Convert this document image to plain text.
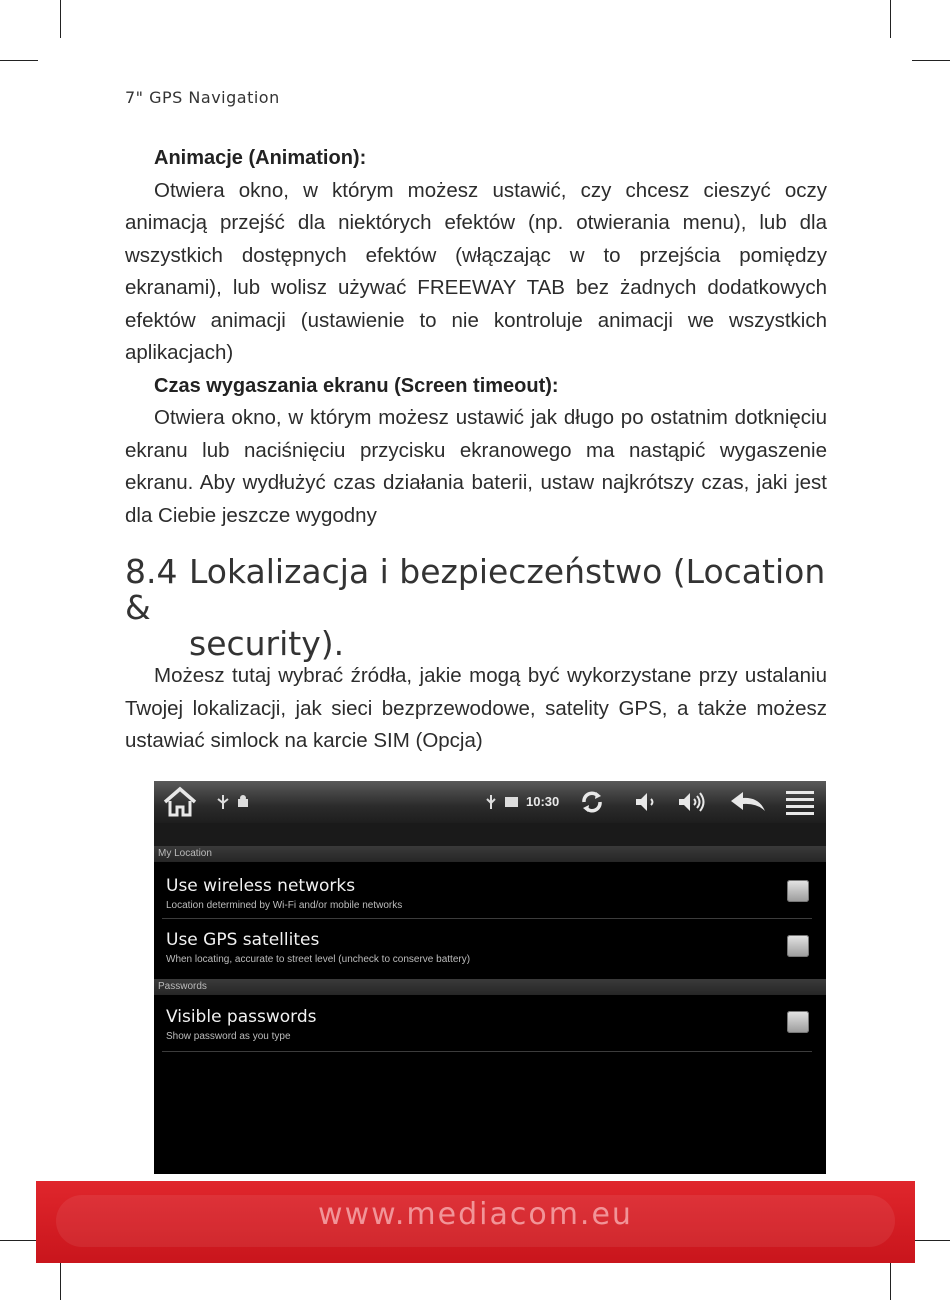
7" GPS Navigation

Animacje (Animation):

Otwiera okno, w którym możesz ustawić, czy chcesz cieszyć oczy animacją przejść dla niektórych efektów (np. otwierania menu), lub dla wszystkich dostępnych efektów (włączając w to przejścia pomiędzy ekranami), lub wolisz używać FREEWAY TAB bez żadnych dodatkowych efektów animacji (ustawienie to nie kontroluje animacji we wszystkich aplikacjach)

Czas wygaszania ekranu (Screen timeout):

Otwiera okno, w którym możesz ustawić jak długo po ostatnim dotknięciu ekranu lub naciśnięciu przycisku ekranowego ma nastąpić wygaszenie ekranu. Aby wydłużyć czas działania baterii, ustaw najkrótszy czas, jaki jest dla Ciebie jeszcze wygodny

8.4 Lokalizacja i bezpieczeństwo (Location &
security).

Możesz tutaj wybrać źródła, jakie mogą być wykorzystane przy ustalaniu Twojej lokalizacji, jak sieci bezprzewodowe, satelity GPS, a także możesz ustawiać simlock na karcie SIM (Opcja)

10:30
My Location
Use wireless networks
Location determined by Wi-Fi and/or mobile networks
Use GPS satellites
When locating, accurate to street level (uncheck to conserve battery)
Passwords
Visible passwords
Show password as you type
www.mediacom.eu
